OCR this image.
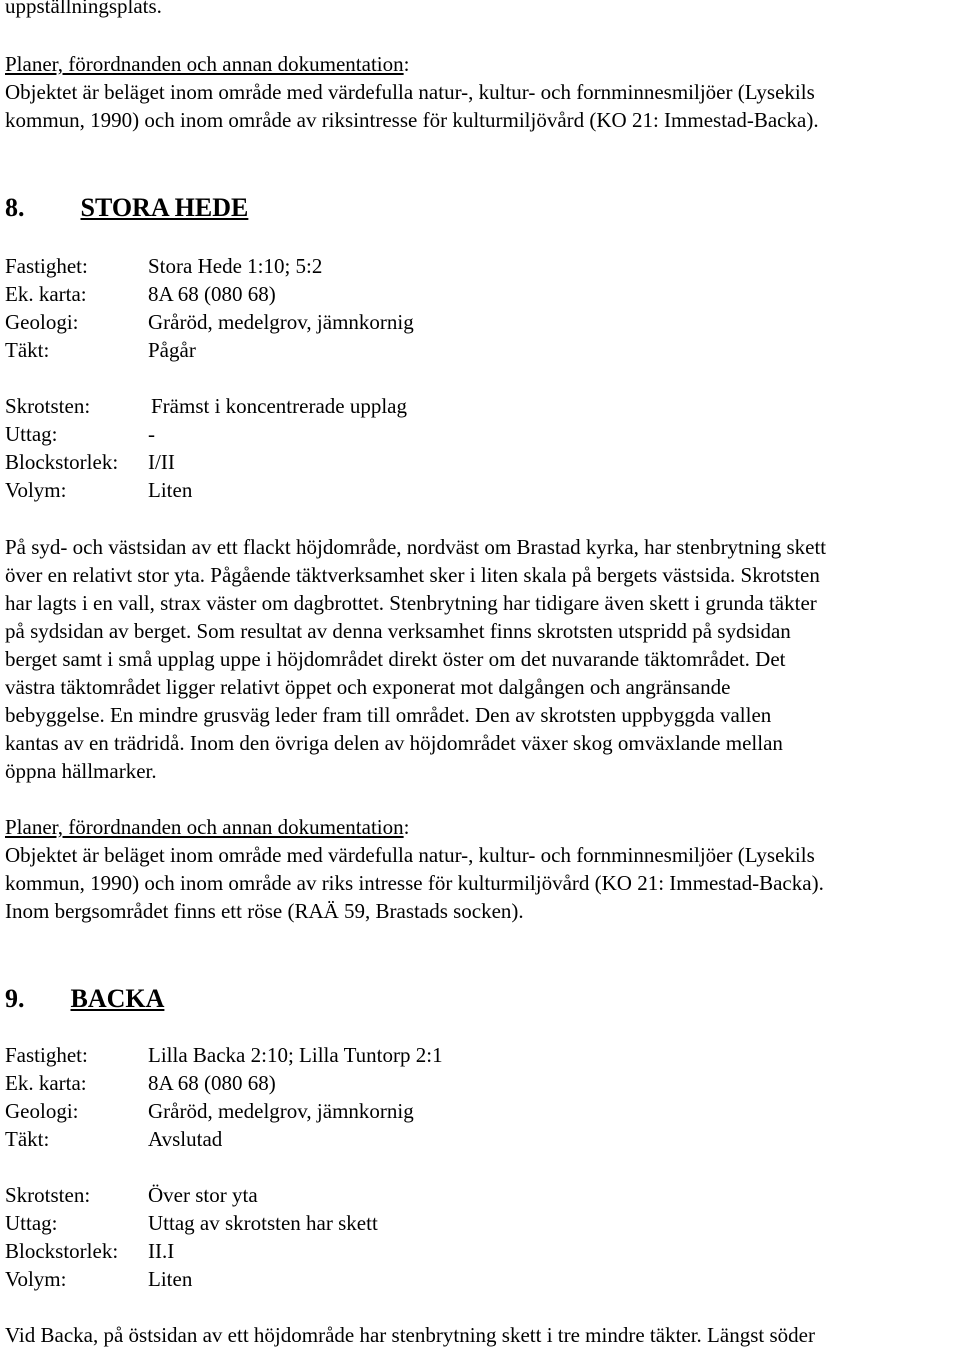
uppställningsplats.
Planer, förordnanden och annan dokumentation:
Objektet är beläget inom område med värdefulla natur-, kultur- och fornminnesmiljöer (Lysekils
kommun, 1990) och inom område av riksintresse för kulturmiljövård (KO 21: Immestad-Backa).
8. STORA HEDE
Fastighet:	Stora Hede 1:10; 5:2
Ek. karta:	8A 68 (080 68)
Geologi:	Gråröd, medelgrov, jämnkornig
Täkt:	Pågår
Skrotsten:	Främst i koncentrerade upplag
Uttag:	-
Blockstorlek: I/II
Volym:	Liten
På syd- och västsidan av ett flackt höjdområde, nordväst om Brastad kyrka, har stenbrytning skett
över en relativt stor yta. Pågående täktverksamhet sker i liten skala på bergets västsida. Skrotsten
har lagts i en vall, strax väster om dagbrottet. Stenbrytning har tidigare även skett i grunda täkter
på sydsidan av berget. Som resultat av denna verksamhet finns skrotsten utspridd på sydsidan
berget samt i små upplag uppe i höjdområdet direkt öster om det nuvarande täktområdet. Det
västra täktområdet ligger relativt öppet och exponerat mot dalgången och angränsande
bebyggelse. En mindre grusväg leder fram till området. Den av skrotsten uppbyggda vallen
kantas av en trädridå. Inom den övriga delen av höjdområdet växer skog omväxlande mellan
öppna hällmarker.
Planer, förordnanden och annan dokumentation:
Objektet är beläget inom område med värdefulla natur-, kultur- och fornminnesmiljöer (Lysekils
kommun, 1990) och inom område av riks intresse för kulturmiljövård (KO 21: Immestad-Backa).
Inom bergsområdet finns ett röse (RAÄ 59, Brastads socken).
9. BACKA
Fastighet:	Lilla Backa 2:10; Lilla Tuntorp 2:1
Ek. karta:	8A 68 (080 68)
Geologi:	Gråröd, medelgrov, jämnkornig
Täkt:	Avslutad
Skrotsten:	Över stor yta
Uttag:	Uttag av skrotsten har skett
Blockstorlek: II.I
Volym:	Liten
Vid Backa, på östsidan av ett höjdområde har stenbrytning skett i tre mindre täkter. Längst söder
